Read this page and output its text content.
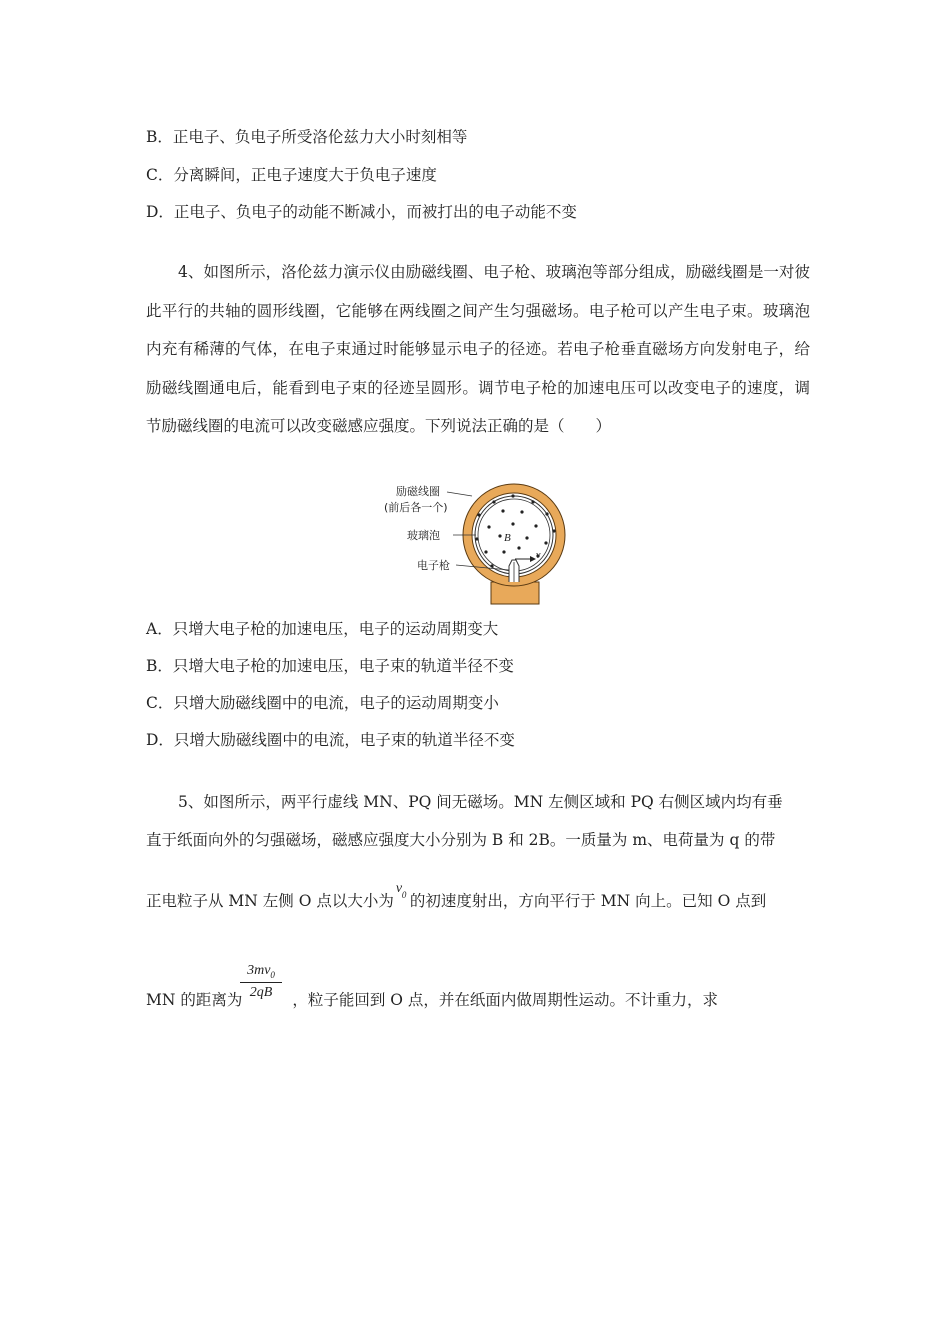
B．正电子、负电子所受洛伦兹力大小时刻相等
C．分离瞬间，正电子速度大于负电子速度
D．正电子、负电子的动能不断减小，而被打出的电子动能不变
4、如图所示，洛伦兹力演示仪由励磁线圈、电子枪、玻璃泡等部分组成，励磁线圈是一对彼此平行的共轴的圆形线圈，它能够在两线圈之间产生匀强磁场。电子枪可以产生电子束。玻璃泡内充有稀薄的气体，在电子束通过时能够显示电子的径迹。若电子枪垂直磁场方向发射电子，给励磁线圈通电后，能看到电子束的径迹呈圆形。调节电子枪的加速电压可以改变电子的速度，调节励磁线圈的电流可以改变磁感应强度。下列说法正确的是（　　）
B
v
励磁线圈
(前后各一个)
玻璃泡
电子枪
A．只增大电子枪的加速电压，电子的运动周期变大
B．只增大电子枪的加速电压，电子束的轨道半径不变
C．只增大励磁线圈中的电流，电子的运动周期变小
D．只增大励磁线圈中的电流，电子束的轨道半径不变
5、如图所示，两平行虚线 MN、PQ 间无磁场。MN 左侧区域和 PQ 右侧区域内均有垂
直于纸面向外的匀强磁场，磁感应强度大小分别为 B 和 2B。一质量为 m、电荷量为 q 的带
正电粒子从 MN 左侧 O 点以大小为
v 0 的初速度射出，方向平行于 MN 向上。已知 O 点到
$\frac{3mv_0}{2qB}$
MN 的距离为	，粒子能回到 O 点，并在纸面内做周期性运动。不计重力，求
